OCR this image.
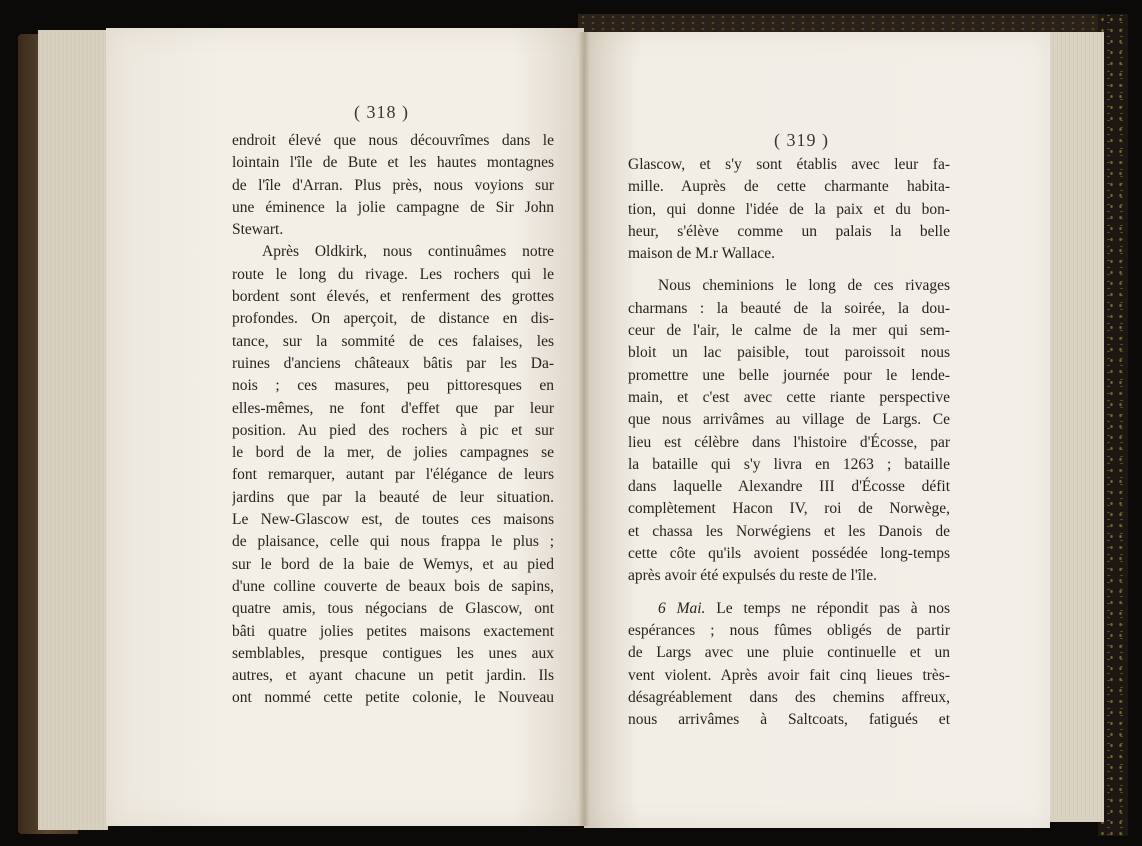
( 318 )
endroit élevé que nous découvrîmes dans le
lointain l'île de Bute et les hautes montagnes
de l'île d'Arran. Plus près, nous voyions sur
une éminence la jolie campagne de Sir John
Stewart.
Après Oldkirk, nous continuâmes notre
route le long du rivage. Les rochers qui le
bordent sont élevés, et renferment des grottes
profondes. On aperçoit, de distance en dis-
tance, sur la sommité de ces falaises, les
ruines d'anciens châteaux bâtis par les Da-
nois ; ces masures, peu pittoresques en
elles-mêmes, ne font d'effet que par leur
position. Au pied des rochers à pic et sur
le bord de la mer, de jolies campagnes se
font remarquer, autant par l'élégance de leurs
jardins que par la beauté de leur situation.
Le New-Glascow est, de toutes ces maisons
de plaisance, celle qui nous frappa le plus ;
sur le bord de la baie de Wemys, et au pied
d'une colline couverte de beaux bois de sapins,
quatre amis, tous négocians de Glascow, ont
bâti quatre jolies petites maisons exactement
semblables, presque contigues les unes aux
autres, et ayant chacune un petit jardin. Ils
ont nommé cette petite colonie, le Nouveau
( 319 )
Glascow, et s'y sont établis avec leur fa-
mille. Auprès de cette charmante habita-
tion, qui donne l'idée de la paix et du bon-
heur, s'élève comme un palais la belle
maison de M.r Wallace.
Nous cheminions le long de ces rivages
charmans : la beauté de la soirée, la dou-
ceur de l'air, le calme de la mer qui sem-
bloit un lac paisible, tout paroissoit nous
promettre une belle journée pour le lende-
main, et c'est avec cette riante perspective
que nous arrivâmes au village de Largs. Ce
lieu est célèbre dans l'histoire d'Écosse, par
la bataille qui s'y livra en 1263 ; bataille
dans laquelle Alexandre III d'Écosse défit
complètement Hacon IV, roi de Norwège,
et chassa les Norwégiens et les Danois de
cette côte qu'ils avoient possédée long-temps
après avoir été expulsés du reste de l'île.
6 Mai. Le temps ne répondit pas à nos
espérances ; nous fûmes obligés de partir
de Largs avec une pluie continuelle et un
vent violent. Après avoir fait cinq lieues très-
désagréablement dans des chemins affreux,
nous arrivâmes à Saltcoats, fatigués et
